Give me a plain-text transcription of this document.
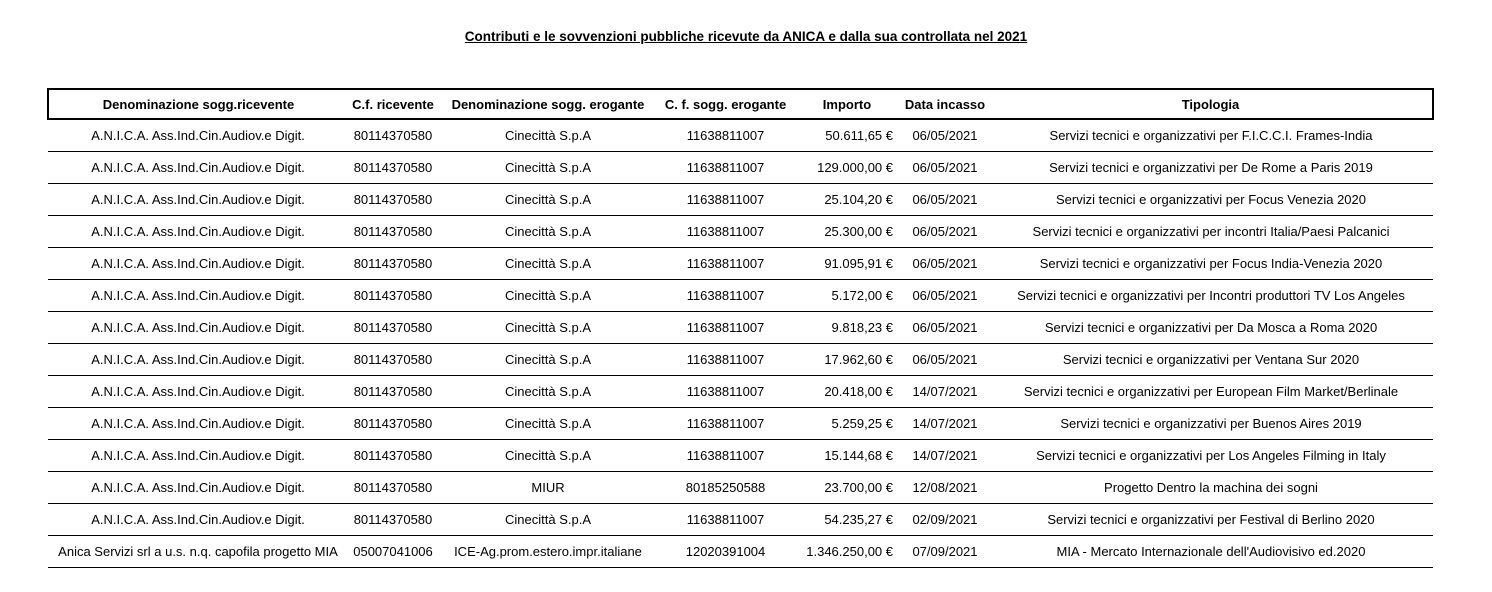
Contributi e le sovvenzioni pubbliche ricevute da ANICA e dalla sua controllata nel 2021
Denominazione sogg.ricevente	C.f. ricevente	Denominazione sogg. erogante	C. f. sogg. erogante	Importo	Data incasso	Tipologia
A.N.I.C.A. Ass.Ind.Cin.Audiov.e Digit.	80114370580	Cinecittà S.p.A	11638811007	50.611,65 €	06/05/2021	Servizi tecnici e organizzativi per F.I.C.C.I. Frames-India
A.N.I.C.A. Ass.Ind.Cin.Audiov.e Digit.	80114370580	Cinecittà S.p.A	11638811007	129.000,00 €	06/05/2021	Servizi tecnici e organizzativi per De Rome a Paris 2019
A.N.I.C.A. Ass.Ind.Cin.Audiov.e Digit.	80114370580	Cinecittà S.p.A	11638811007	25.104,20 €	06/05/2021	Servizi tecnici e organizzativi per Focus Venezia 2020
A.N.I.C.A. Ass.Ind.Cin.Audiov.e Digit.	80114370580	Cinecittà S.p.A	11638811007	25.300,00 €	06/05/2021	Servizi tecnici e organizzativi per incontri Italia/Paesi Palcanici
A.N.I.C.A. Ass.Ind.Cin.Audiov.e Digit.	80114370580	Cinecittà S.p.A	11638811007	91.095,91 €	06/05/2021	Servizi tecnici e organizzativi per Focus India-Venezia 2020
A.N.I.C.A. Ass.Ind.Cin.Audiov.e Digit.	80114370580	Cinecittà S.p.A	11638811007	5.172,00 €	06/05/2021	Servizi tecnici e organizzativi per Incontri produttori TV Los Angeles
A.N.I.C.A. Ass.Ind.Cin.Audiov.e Digit.	80114370580	Cinecittà S.p.A	11638811007	9.818,23 €	06/05/2021	Servizi tecnici e organizzativi per Da Mosca a Roma 2020
A.N.I.C.A. Ass.Ind.Cin.Audiov.e Digit.	80114370580	Cinecittà S.p.A	11638811007	17.962,60 €	06/05/2021	Servizi tecnici e organizzativi per Ventana Sur 2020
A.N.I.C.A. Ass.Ind.Cin.Audiov.e Digit.	80114370580	Cinecittà S.p.A	11638811007	20.418,00 €	14/07/2021	Servizi tecnici e organizzativi per European Film Market/Berlinale
A.N.I.C.A. Ass.Ind.Cin.Audiov.e Digit.	80114370580	Cinecittà S.p.A	11638811007	5.259,25 €	14/07/2021	Servizi tecnici e organizzativi per Buenos Aires 2019
A.N.I.C.A. Ass.Ind.Cin.Audiov.e Digit.	80114370580	Cinecittà S.p.A	11638811007	15.144,68 €	14/07/2021	Servizi tecnici e organizzativi per Los Angeles Filming in Italy
A.N.I.C.A. Ass.Ind.Cin.Audiov.e Digit.	80114370580	MIUR	80185250588	23.700,00 €	12/08/2021	Progetto Dentro la machina dei sogni
A.N.I.C.A. Ass.Ind.Cin.Audiov.e Digit.	80114370580	Cinecittà S.p.A	11638811007	54.235,27 €	02/09/2021	Servizi tecnici e organizzativi per Festival di Berlino 2020
Anica Servizi srl a u.s. n.q. capofila progetto MIA	05007041006	ICE-Ag.prom.estero.impr.italiane	12020391004	1.346.250,00 €	07/09/2021	MIA - Mercato Internazionale dell'Audiovisivo ed.2020
